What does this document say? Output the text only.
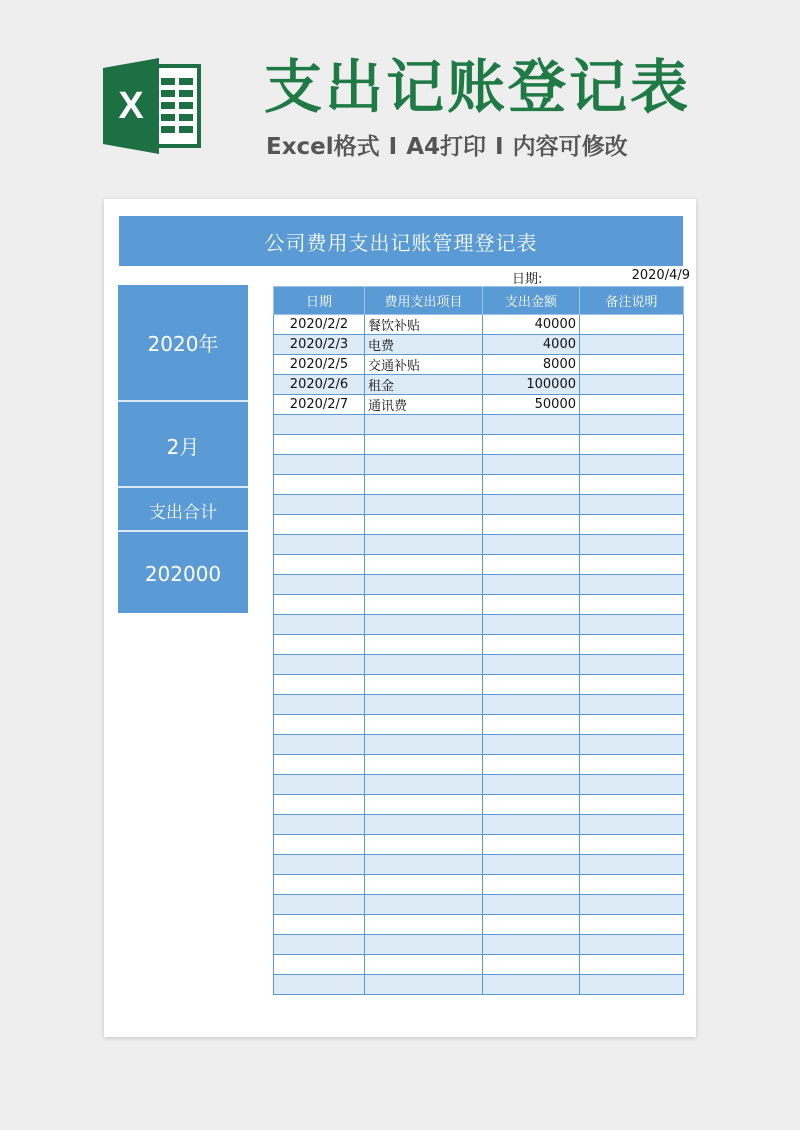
X 支出记账登记表
Excel格式 I A4打印 I 内容可修改
公司费用支出记账管理登记表
日期:	2020/4/9
2020年
2月
支出合计
202000
日期	费用支出项目	支出金额	备注说明
2020/2/2	餐饮补贴	40000	
2020/2/3	电费	4000	
2020/2/5	交通补贴	8000	
2020/2/6	租金	100000	
2020/2/7	通讯费	50000	
